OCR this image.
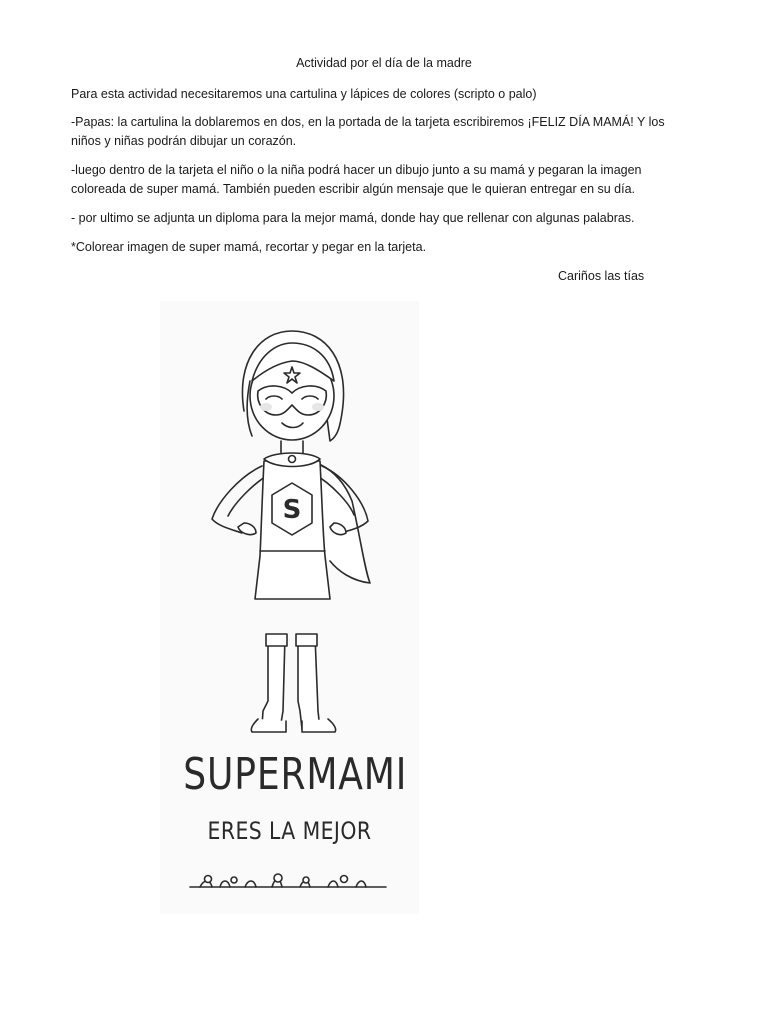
Actividad por el día de la madre

Para esta actividad necesitaremos una cartulina y lápices de colores (scripto o palo)

-Papas: la cartulina la doblaremos en dos, en la portada de la tarjeta escribiremos ¡FELIZ DÍA MAMÁ! Y los niños y niñas podrán dibujar un corazón.

-luego dentro de la tarjeta el niño o la niña podrá hacer un dibujo junto a su mamá y pegaran la imagen coloreada de super mamá. También pueden escribir algún mensaje que le quieran entregar en su día.

- por ultimo se adjunta un diploma para la mejor mamá, donde hay que rellenar con algunas palabras.

*Colorear imagen de super mamá, recortar y pegar en la tarjeta.

Cariños las tías
S
SUPERMAMI
ERES LA MEJOR
